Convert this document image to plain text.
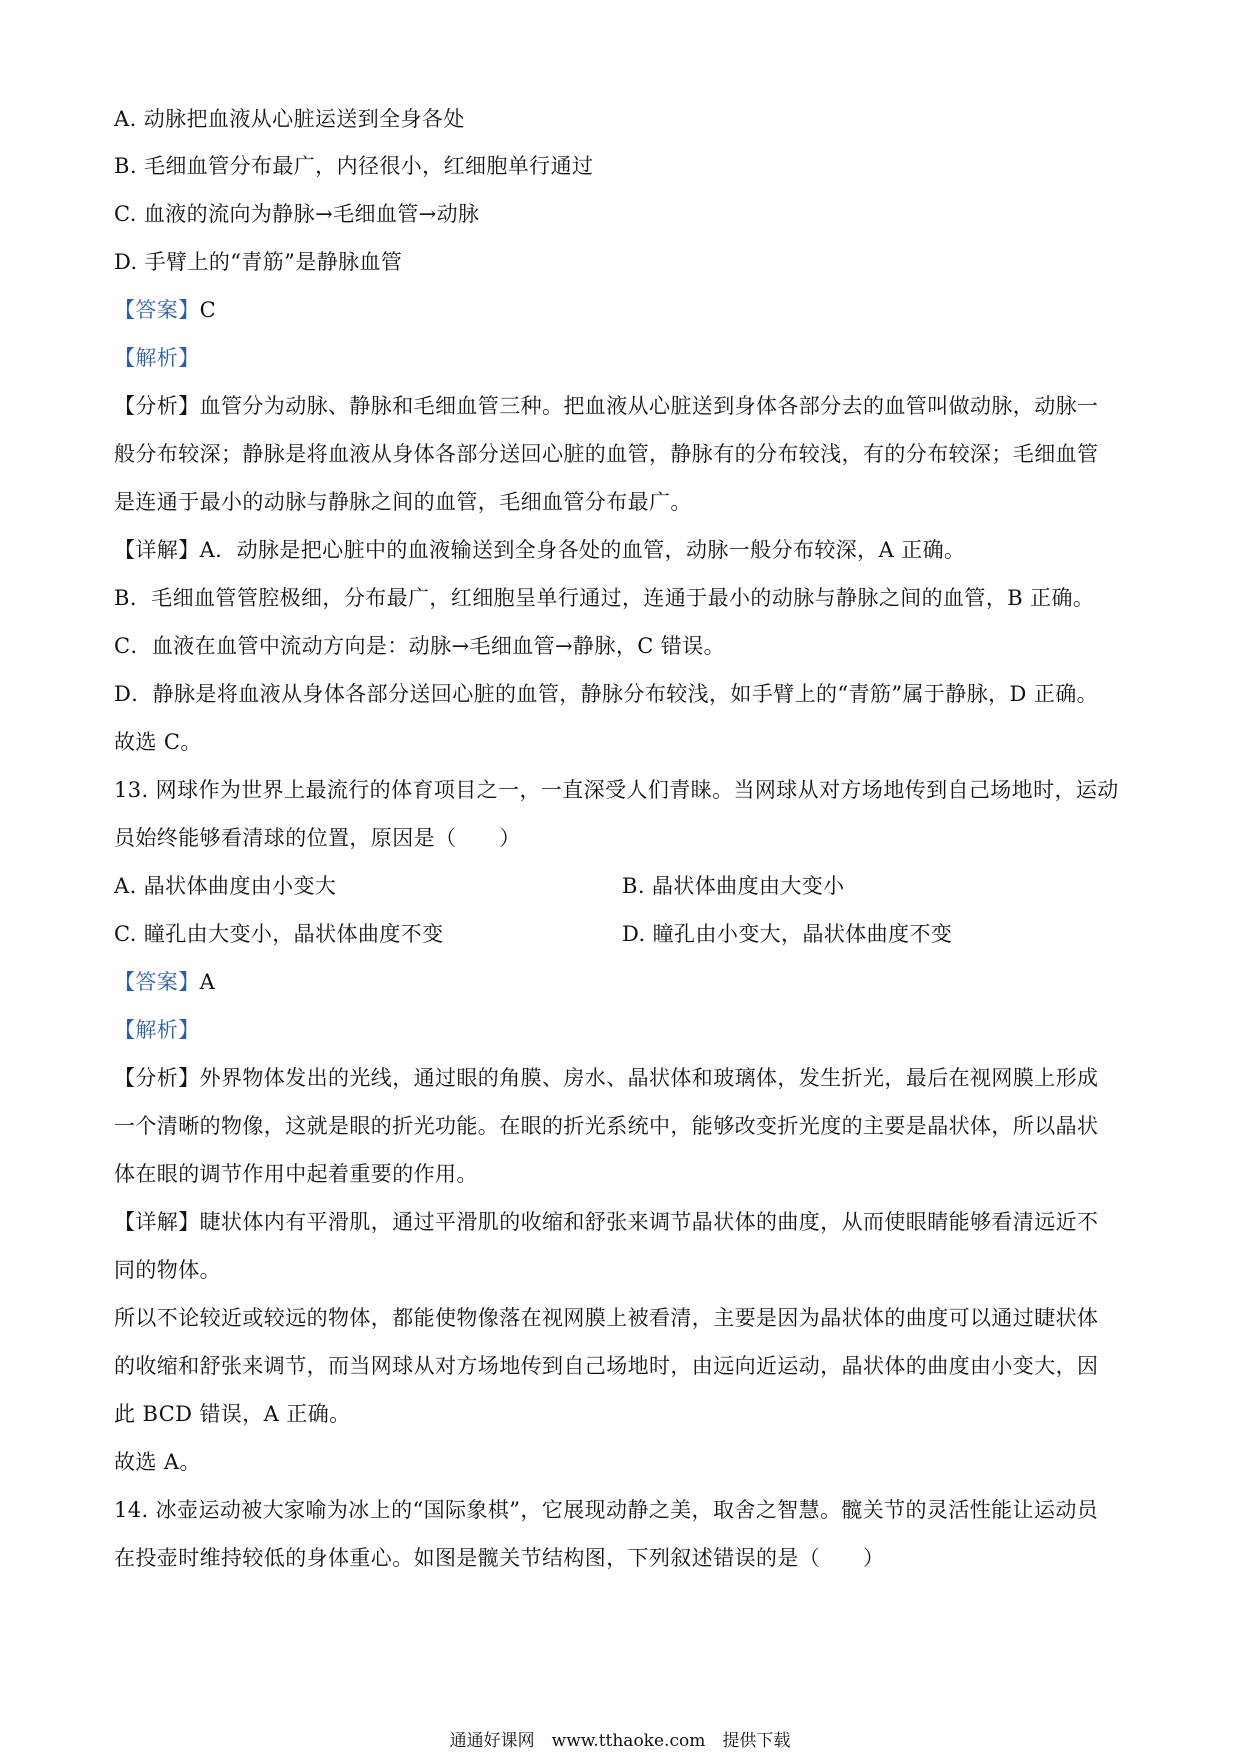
A. 动脉把血液从心脏运送到全身各处
B. 毛细血管分布最广，内径很小，红细胞单行通过
C. 血液的流向为静脉→毛细血管→动脉
D. 手臂上的“青筋”是静脉血管
【答案】C
【解析】
【分析】血管分为动脉、静脉和毛细血管三种。把血液从心脏送到身体各部分去的血管叫做动脉，动脉一
般分布较深；静脉是将血液从身体各部分送回心脏的血管，静脉有的分布较浅，有的分布较深；毛细血管
是连通于最小的动脉与静脉之间的血管，毛细血管分布最广。
【详解】A．动脉是把心脏中的血液输送到全身各处的血管，动脉一般分布较深，A 正确。
B．毛细血管管腔极细，分布最广，红细胞呈单行通过，连通于最小的动脉与静脉之间的血管，B 正确。
C．血液在血管中流动方向是：动脉→毛细血管→静脉，C 错误。
D．静脉是将血液从身体各部分送回心脏的血管，静脉分布较浅，如手臂上的“青筋”属于静脉，D 正确。
故选 C。
13. 网球作为世界上最流行的体育项目之一，一直深受人们青睐。当网球从对方场地传到自己场地时，运动
员始终能够看清球的位置，原因是（　　）
A. 晶状体曲度由小变大	B. 晶状体曲度由大变小
C. 瞳孔由大变小，晶状体曲度不变	D. 瞳孔由小变大，晶状体曲度不变
【答案】A
【解析】
【分析】外界物体发出的光线，通过眼的角膜、房水、晶状体和玻璃体，发生折光，最后在视网膜上形成
一个清晰的物像，这就是眼的折光功能。在眼的折光系统中，能够改变折光度的主要是晶状体，所以晶状
体在眼的调节作用中起着重要的作用。
【详解】睫状体内有平滑肌，通过平滑肌的收缩和舒张来调节晶状体的曲度，从而使眼睛能够看清远近不
同的物体。
所以不论较近或较远的物体，都能使物像落在视网膜上被看清，主要是因为晶状体的曲度可以通过睫状体
的收缩和舒张来调节，而当网球从对方场地传到自己场地时，由远向近运动，晶状体的曲度由小变大，因
此 BCD 错误，A 正确。
故选 A。
14. 冰壶运动被大家喻为冰上的“国际象棋”，它展现动静之美，取舍之智慧。髋关节的灵活性能让运动员
在投壶时维持较低的身体重心。如图是髋关节结构图，下列叙述错误的是（　　）
通通好课网　www.tthaoke.com　提供下载
